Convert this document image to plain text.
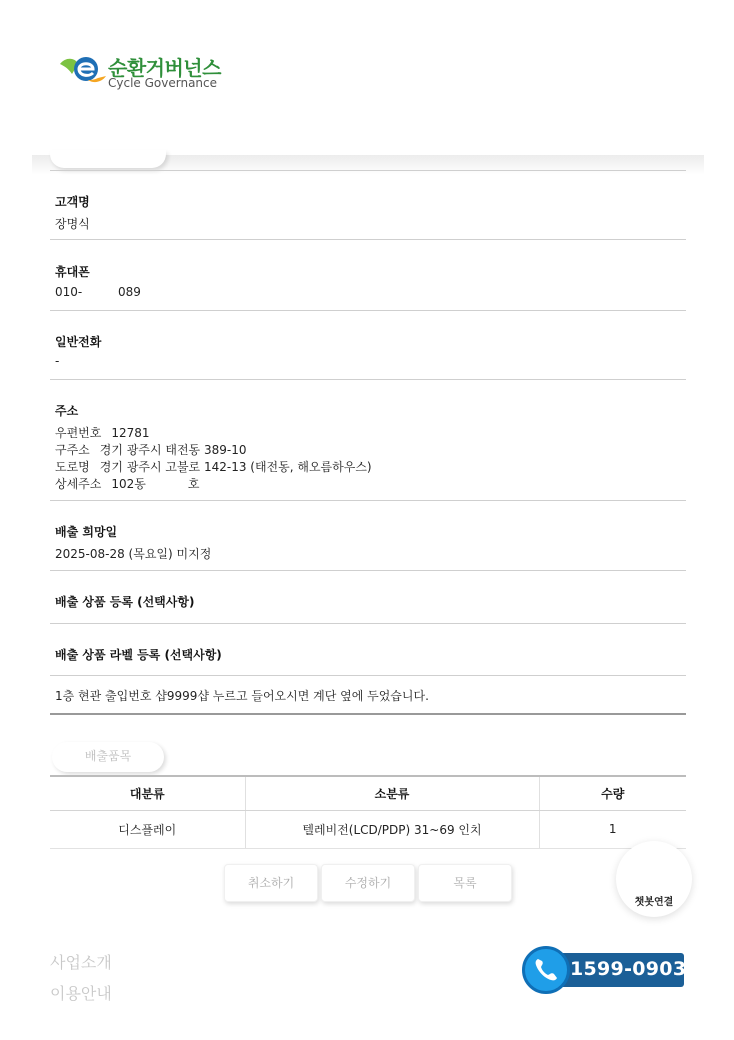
순환거버넌스
Cycle Governance
고객명
장명식
휴대폰
010-	089
일반전화
-
주소
우편번호 12781
구주소 경기 광주시 태전동 389-10
도로명 경기 광주시 고불로 142-13 (태전동, 해오름하우스)
상세주소 102동	호
배출 희망일
2025-08-28 (목요일) 미지정
배출 상품 등록 (선택사항)
배출 상품 라벨 등록 (선택사항)
1층 현관 출입번호 샵9999샵 누르고 들어오시면 계단 옆에 두었습니다.
배출품목
대분류	소분류	수량
디스플레이	텔레비전(LCD/PDP) 31~69 인치	1
취소하기	수정하기	목록
챗봇연결
사업소개
이용안내
1599-0903
